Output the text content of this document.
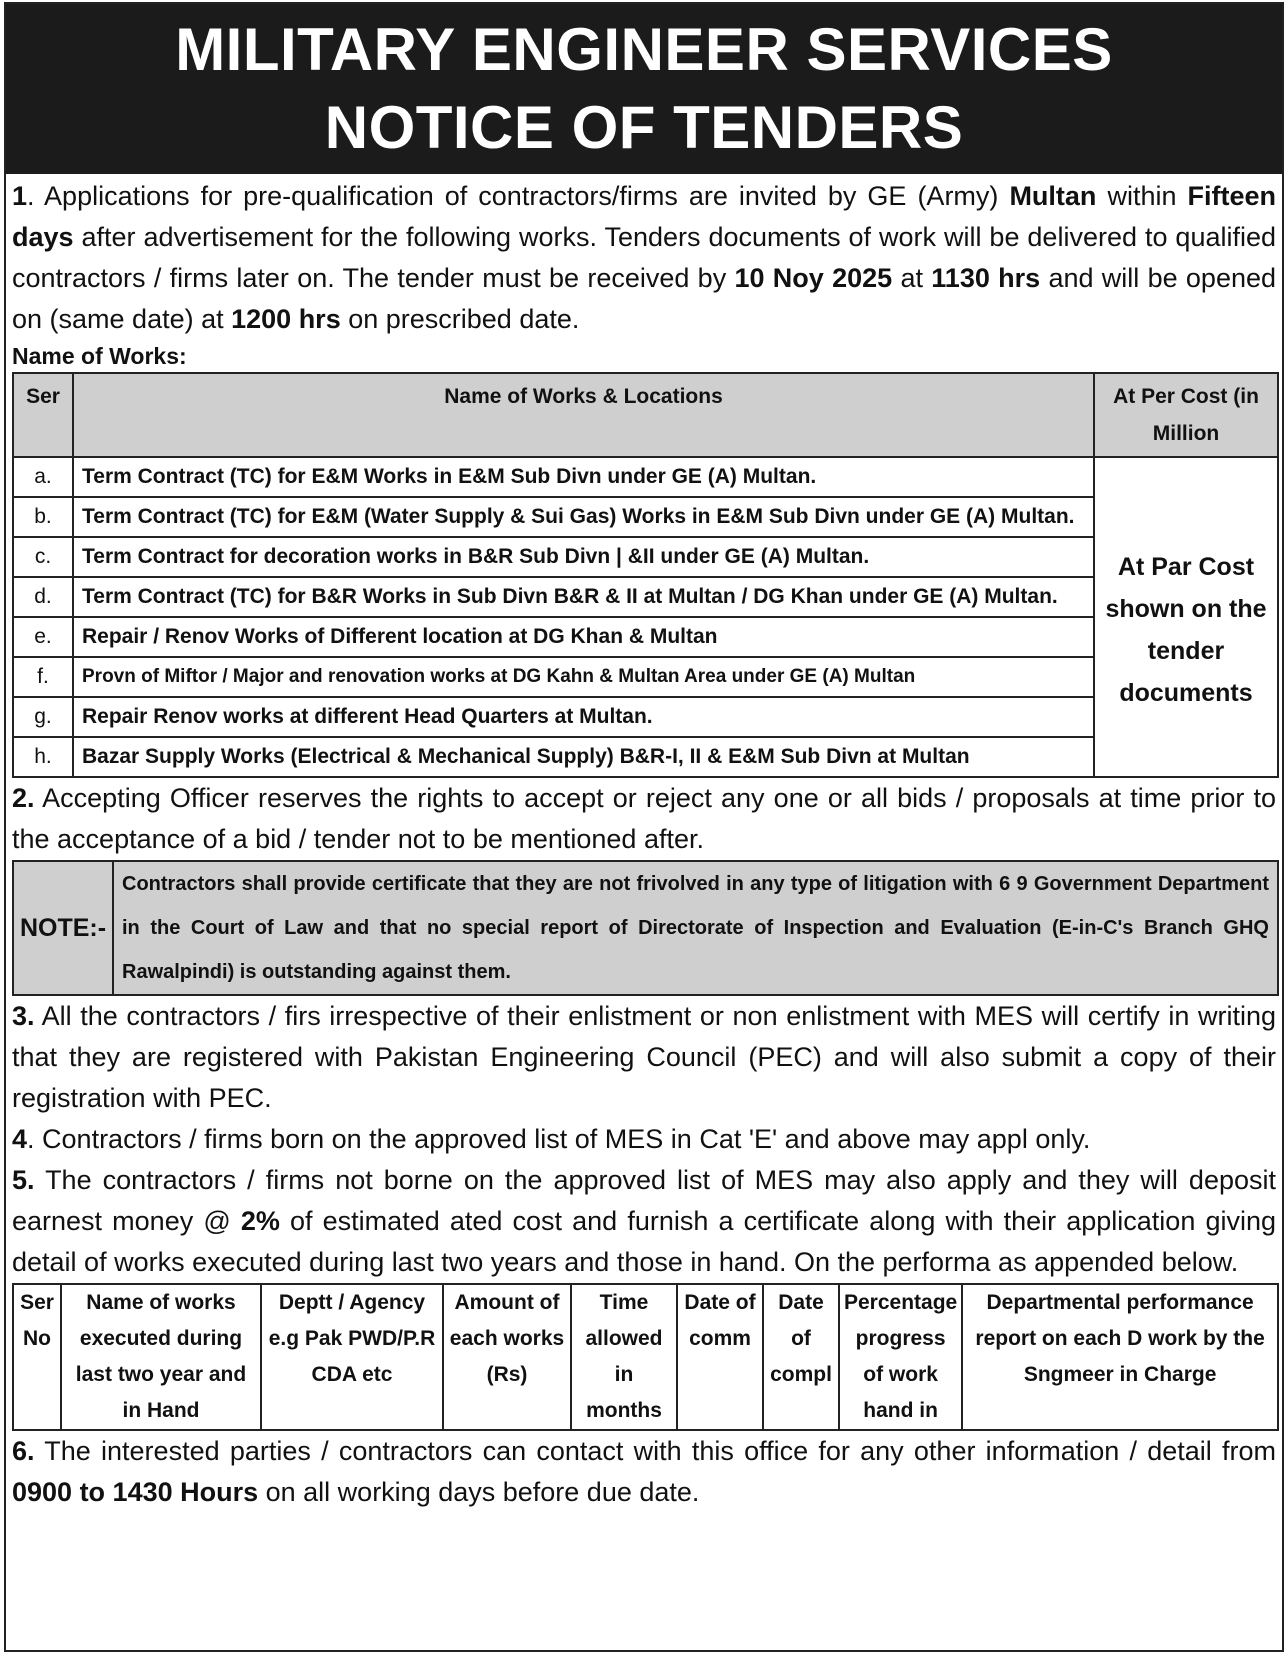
MILITARY ENGINEER SERVICES
NOTICE OF TENDERS
1. Applications for pre-qualification of contractors/firms are invited by GE (Army) Multan within Fifteen days after advertisement for the following works. Tenders documents of work will be delivered to qualified contractors / firms later on. The tender must be received by 10 Noy 2025 at 1130 hrs and will be opened on (same date) at 1200 hrs on prescribed date.
Name of Works:
Ser	Name of Works & Locations	At Per Cost (in Million
a.	Term Contract (TC) for E&M Works in E&M Sub Divn under GE (A) Multan.	At Par Cost shown on the tender documents
b.	Term Contract (TC) for E&M (Water Supply & Sui Gas) Works in E&M Sub Divn under GE (A) Multan.	
c.	Term Contract for decoration works in B&R Sub Divn | &II under GE (A) Multan.	
d.	Term Contract (TC) for B&R Works in Sub Divn B&R & II at Multan / DG Khan under GE (A) Multan.	
e.	Repair / Renov Works of Different location at DG Khan & Multan	
f.	Provn of Miftor / Major and renovation works at DG Kahn & Multan Area under GE (A) Multan	
g.	Repair Renov works at different Head Quarters at Multan.	
h.	Bazar Supply Works (Electrical & Mechanical Supply) B&R-I, II & E&M Sub Divn at Multan	
2. Accepting Officer reserves the rights to accept or reject any one or all bids / proposals at time prior to the acceptance of a bid / tender not to be mentioned after.
NOTE:-	Contractors shall provide certificate that they are not frivolved in any type of litigation with 6 9 Government Department in the Court of Law and that no special report of Directorate of Inspection and Evaluation (E-in-C's Branch GHQ Rawalpindi) is outstanding against them.
3. All the contractors / firs irrespective of their enlistment or non enlistment with MES will certify in writing that they are registered with Pakistan Engineering Council (PEC) and will also submit a copy of their registration with PEC.
4. Contractors / firms born on the approved list of MES in Cat 'E' and above may appl only.
5. The contractors / firms not borne on the approved list of MES may also apply and they will deposit earnest money @ 2% of estimated ated cost and furnish a certificate along with their application giving detail of works executed during last two years and those in hand. On the performa as appended below.
Ser No	Name of works executed during last two year and in Hand	Deptt / Agency e.g Pak PWD/P.R CDA etc	Amount of each works (Rs)	Time allowed in months	Date of comm	Date of compl	Percentage progress of work hand in	Departmental performance report on each D work by the Sngmeer in Charge
6. The interested parties / contractors can contact with this office for any other information / detail from 0900 to 1430 Hours on all working days before due date.
